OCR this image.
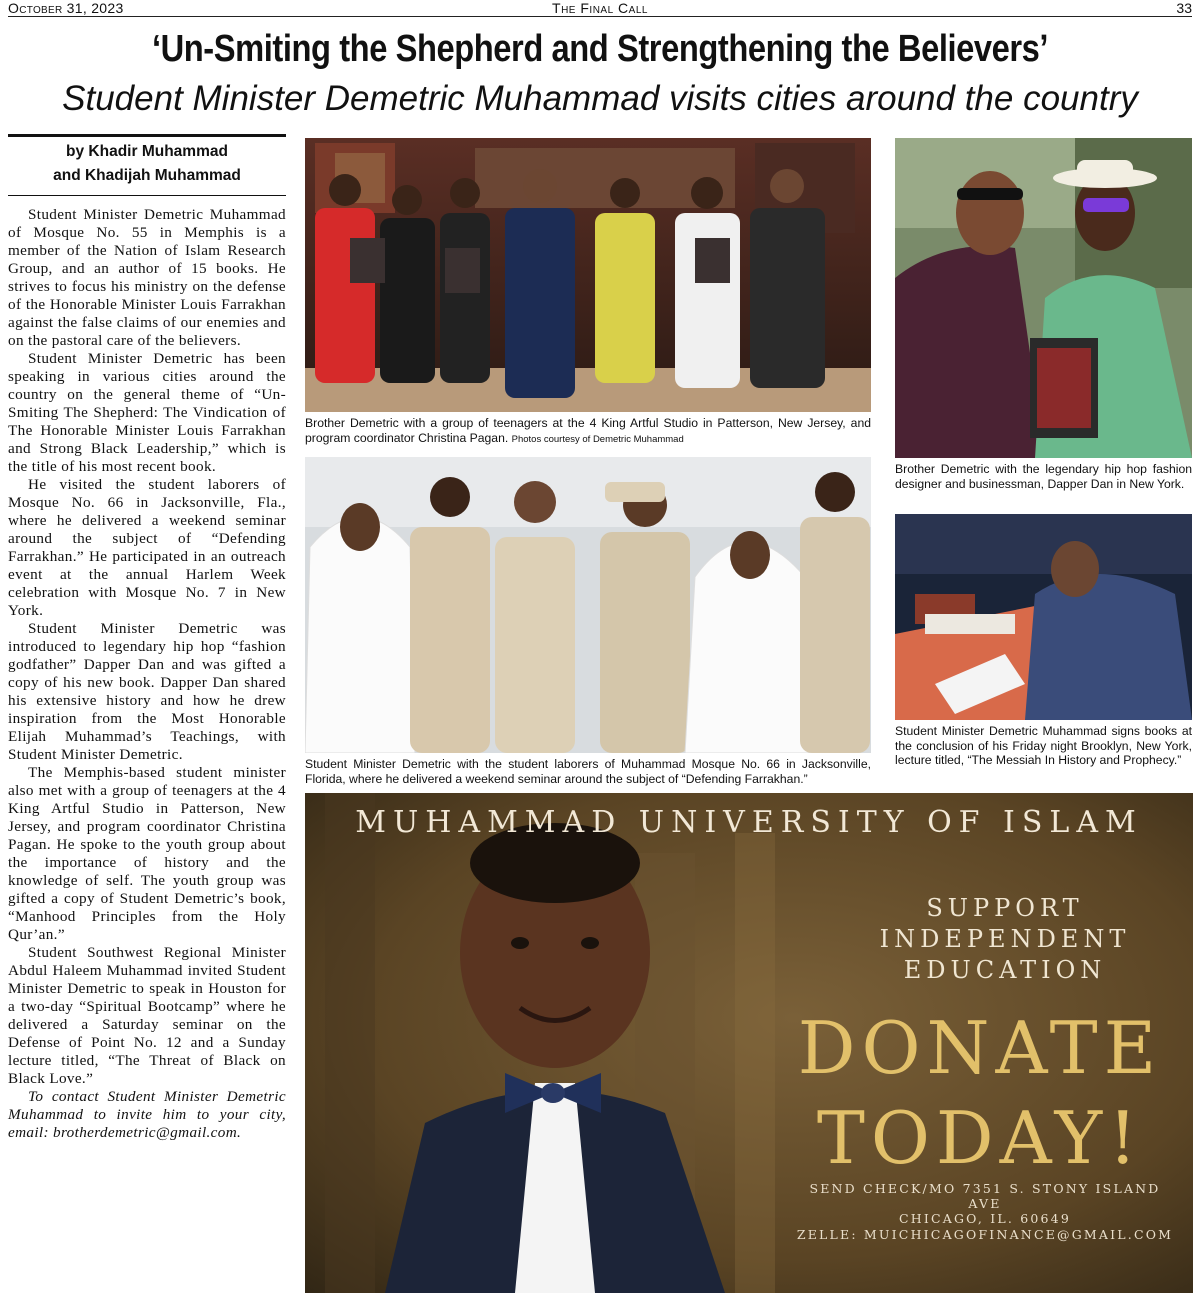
October 31, 2023	The Final Call	33
‘Un-Smiting the Shepherd and Strengthening the Believers’
Student Minister Demetric Muhammad visits cities around the country
by Khadir Muhammad
and Khadijah Muhammad

Student Minister Demetric Muhammad of Mosque No. 55 in Memphis is a member of the Nation of Islam Research Group, and an author of 15 books. He strives to focus his ministry on the defense of the Honorable Minister Louis Farrakhan against the false claims of our enemies and on the pastoral care of the believers.

Student Minister Demetric has been speaking in various cities around the country on the general theme of “Un-Smiting The Shepherd: The Vindication of The Honorable Minister Louis Farrakhan and Strong Black Leadership,” which is the title of his most recent book.

He visited the student laborers of Mosque No. 66 in Jacksonville, Fla., where he delivered a weekend seminar around the subject of “Defending Farrakhan.” He participated in an outreach event at the annual Harlem Week celebration with Mosque No. 7 in New York.

Student Minister Demetric was introduced to legendary hip hop “fashion godfather” Dapper Dan and was gifted a copy of his new book. Dapper Dan shared his extensive history and how he drew inspiration from the Most Honorable Elijah Muhammad’s Teachings, with Student Minister Demetric.

The Memphis-based student minister also met with a group of teenagers at the 4 King Artful Studio in Patterson, New Jersey, and program coordinator Christina Pagan. He spoke to the youth group about the importance of history and the knowledge of self. The youth group was gifted a copy of Student Demetric’s book, “Manhood Principles from the Holy Qur’an.”

Student Southwest Regional Minister Abdul Haleem Muhammad invited Student Minister Demetric to speak in Houston for a two-day “Spiritual Bootcamp” where he delivered a Saturday seminar on the Defense of Point No. 12 and a Sunday lecture titled, “The Threat of Black on Black Love.”

To contact Student Minister Demetric Muhammad to invite him to your city, email: brotherdemetric@gmail.com.

Brother Demetric with a group of teenagers at the 4 King Artful Studio in Patterson, New Jersey, and program coordinator Christina Pagan. Photos courtesy of Demetric Muhammad
Brother Demetric with the legendary hip hop fashion designer and businessman, Dapper Dan in New York.
Student Minister Demetric with the student laborers of Muhammad Mosque No. 66 in Jacksonville, Florida, where he delivered a weekend seminar around the subject of “Defending Farrakhan.”
Student Minister Demetric Muhammad signs books at the conclusion of his Friday night Brooklyn, New York, lecture titled, “The Messiah In History and Prophecy.”
MUHAMMAD UNIVERSITY OF ISLAM
SUPPORT
INDEPENDENT
EDUCATION
DONATE
TODAY!
SEND CHECK/MO 7351 S. STONY ISLAND AVE
CHICAGO, IL. 60649
ZELLE: MUICHICAGOFINANCE@GMAIL.COM
